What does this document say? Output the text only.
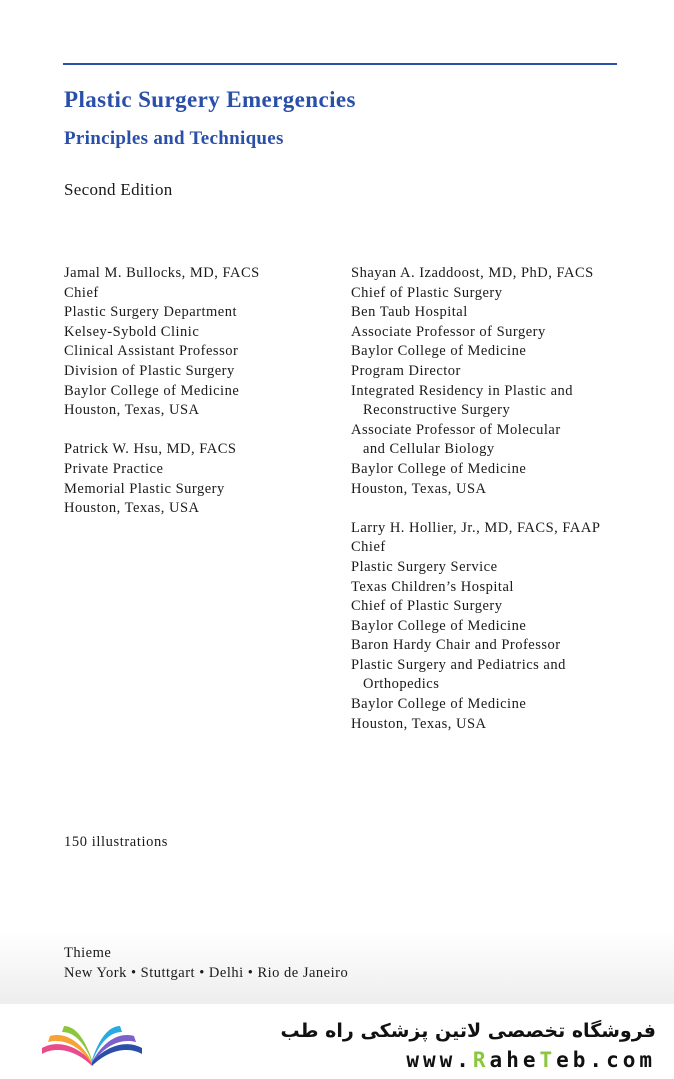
Plastic Surgery Emergencies
Principles and Techniques
Second Edition
Jamal M. Bullocks, MD, FACS
Chief
Plastic Surgery Department
Kelsey-Sybold Clinic
Clinical Assistant Professor
Division of Plastic Surgery
Baylor College of Medicine
Houston, Texas, USA
Patrick W. Hsu, MD, FACS
Private Practice
Memorial Plastic Surgery
Houston, Texas, USA
Shayan A. Izaddoost, MD, PhD, FACS
Chief of Plastic Surgery
Ben Taub Hospital
Associate Professor of Surgery
Baylor College of Medicine
Program Director
Integrated Residency in Plastic and
Reconstructive Surgery
Associate Professor of Molecular
and Cellular Biology
Baylor College of Medicine
Houston, Texas, USA
Larry H. Hollier, Jr., MD, FACS, FAAP
Chief
Plastic Surgery Service
Texas Children’s Hospital
Chief of Plastic Surgery
Baylor College of Medicine
Baron Hardy Chair and Professor
Plastic Surgery and Pediatrics and
Orthopedics
Baylor College of Medicine
Houston, Texas, USA
150 illustrations
Thieme
New York • Stuttgart • Delhi • Rio de Janeiro
فروشگاه تخصصی لاتین پزشکی راه طب
www.RaheTeb.com
